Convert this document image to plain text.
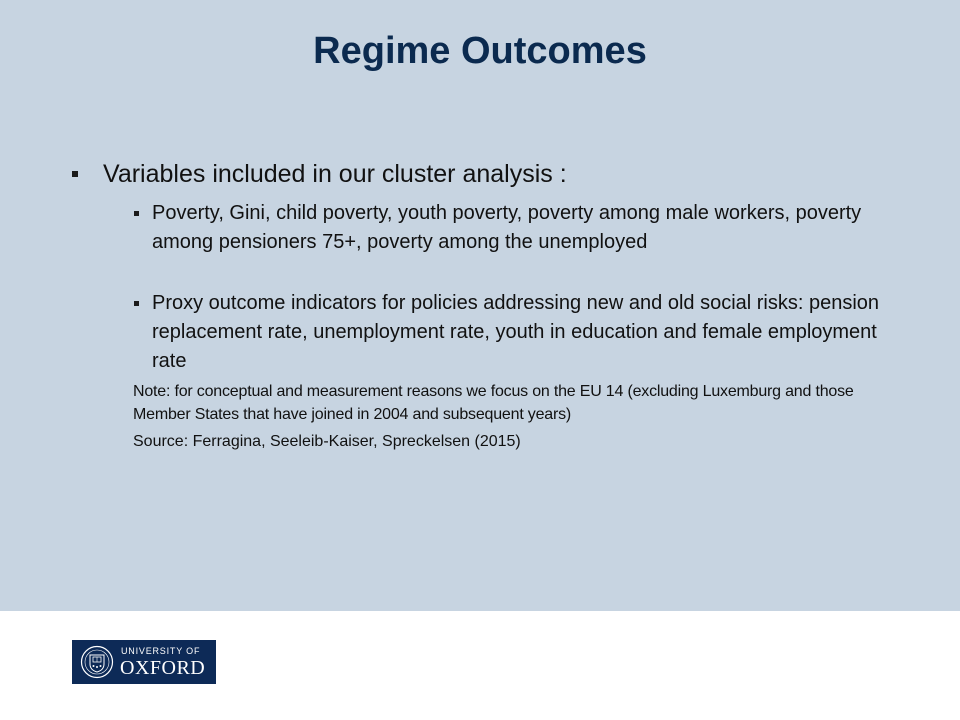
Regime Outcomes
Variables included in our cluster analysis :
Poverty, Gini, child poverty, youth poverty, poverty among male workers, poverty among pensioners 75+, poverty among the unemployed
Proxy outcome indicators for policies addressing new and old social risks: pension replacement rate, unemployment rate, youth in education and female employment rate
Note: for conceptual and measurement reasons we focus on the EU 14 (excluding Luxemburg and those Member States that have joined in 2004 and subsequent years)
Source: Ferragina, Seeleib-Kaiser, Spreckelsen (2015)
UNIVERSITY OF
OXFORD
